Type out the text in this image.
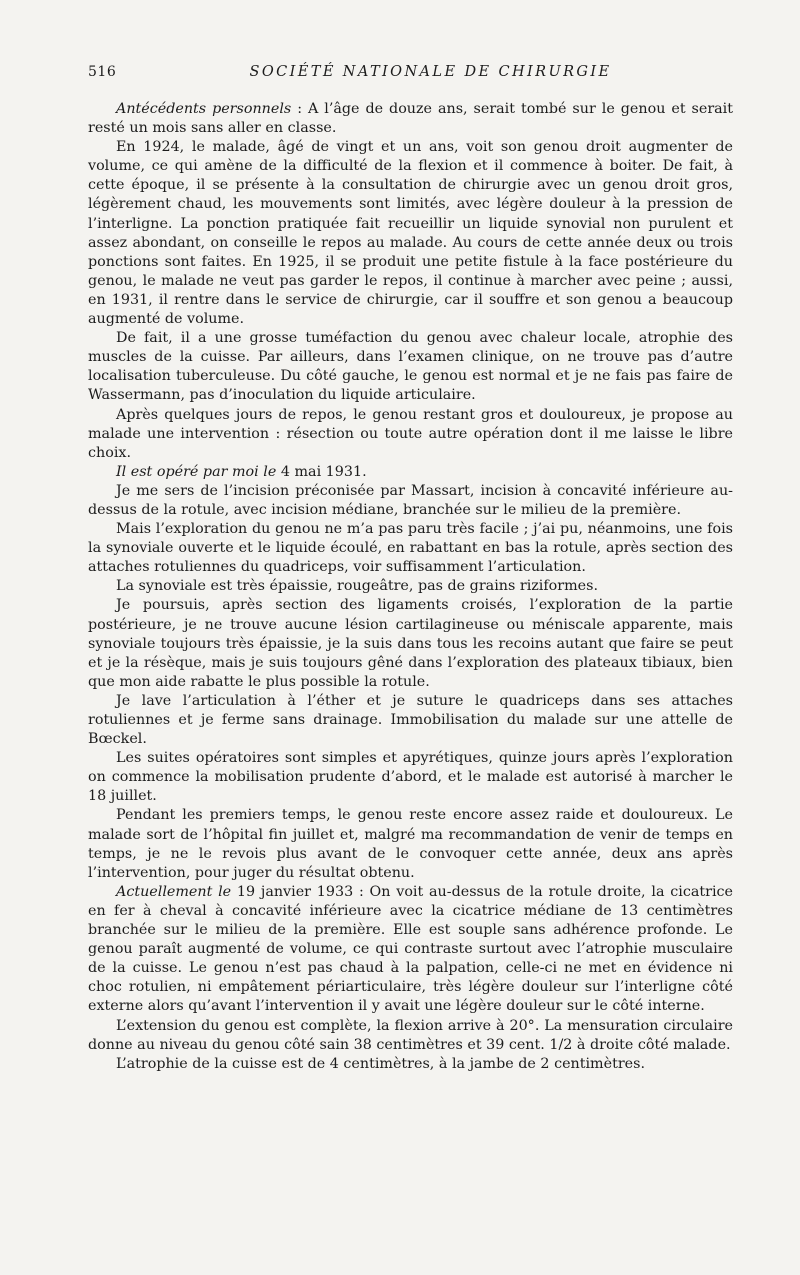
516	SOCIÉTÉ NATIONALE DE CHIRURGIE

Antécédents personnels : A l’âge de douze ans, serait tombé sur le genou et serait resté un mois sans aller en classe.

En 1924, le malade, âgé de vingt et un ans, voit son genou droit augmenter de volume, ce qui amène de la difficulté de la flexion et il commence à boiter. De fait, à cette époque, il se présente à la consultation de chirurgie avec un genou droit gros, légèrement chaud, les mouvements sont limités, avec légère douleur à la pression de l’interligne. La ponction pratiquée fait recueillir un liquide synovial non purulent et assez abondant, on conseille le repos au malade. Au cours de cette année deux ou trois ponctions sont faites. En 1925, il se produit une petite fistule à la face postérieure du genou, le malade ne veut pas garder le repos, il continue à marcher avec peine ; aussi, en 1931, il rentre dans le service de chirurgie, car il souffre et son genou a beaucoup augmenté de volume.

De fait, il a une grosse tuméfaction du genou avec chaleur locale, atrophie des muscles de la cuisse. Par ailleurs, dans l’examen clinique, on ne trouve pas d’autre localisation tuberculeuse. Du côté gauche, le genou est normal et je ne fais pas faire de Wassermann, pas d’inoculation du liquide articulaire.

Après quelques jours de repos, le genou restant gros et douloureux, je propose au malade une intervention : résection ou toute autre opération dont il me laisse le libre choix.

Il est opéré par moi le 4 mai 1931.

Je me sers de l’incision préconisée par Massart, incision à concavité inférieure au-dessus de la rotule, avec incision médiane, branchée sur le milieu de la première.

Mais l’exploration du genou ne m’a pas paru très facile ; j’ai pu, néanmoins, une fois la synoviale ouverte et le liquide écoulé, en rabattant en bas la rotule, après section des attaches rotuliennes du quadriceps, voir suffisamment l’articulation.

La synoviale est très épaissie, rougeâtre, pas de grains riziformes.

Je poursuis, après section des ligaments croisés, l’exploration de la partie postérieure, je ne trouve aucune lésion cartilagineuse ou méniscale apparente, mais synoviale toujours très épaissie, je la suis dans tous les recoins autant que faire se peut et je la résèque, mais je suis toujours gêné dans l’exploration des plateaux tibiaux, bien que mon aide rabatte le plus possible la rotule.

Je lave l’articulation à l’éther et je suture le quadriceps dans ses attaches rotuliennes et je ferme sans drainage. Immobilisation du malade sur une attelle de Bœckel.

Les suites opératoires sont simples et apyrétiques, quinze jours après l’exploration on commence la mobilisation prudente d’abord, et le malade est autorisé à marcher le 18 juillet.

Pendant les premiers temps, le genou reste encore assez raide et douloureux. Le malade sort de l’hôpital fin juillet et, malgré ma recommandation de venir de temps en temps, je ne le revois plus avant de le convoquer cette année, deux ans après l’intervention, pour juger du résultat obtenu.

Actuellement le 19 janvier 1933 : On voit au-dessus de la rotule droite, la cicatrice en fer à cheval à concavité inférieure avec la cicatrice médiane de 13 centimètres branchée sur le milieu de la première. Elle est souple sans adhérence profonde. Le genou paraît augmenté de volume, ce qui contraste surtout avec l’atrophie musculaire de la cuisse. Le genou n’est pas chaud à la palpation, celle-ci ne met en évidence ni choc rotulien, ni empâtement périarticulaire, très légère douleur sur l’interligne côté externe alors qu’avant l’intervention il y avait une légère douleur sur le côté interne.

L’extension du genou est complète, la flexion arrive à 20°. La mensuration circulaire donne au niveau du genou côté sain 38 centimètres et 39 cent. 1/2 à droite côté malade.

L’atrophie de la cuisse est de 4 centimètres, à la jambe de 2 centimètres.
